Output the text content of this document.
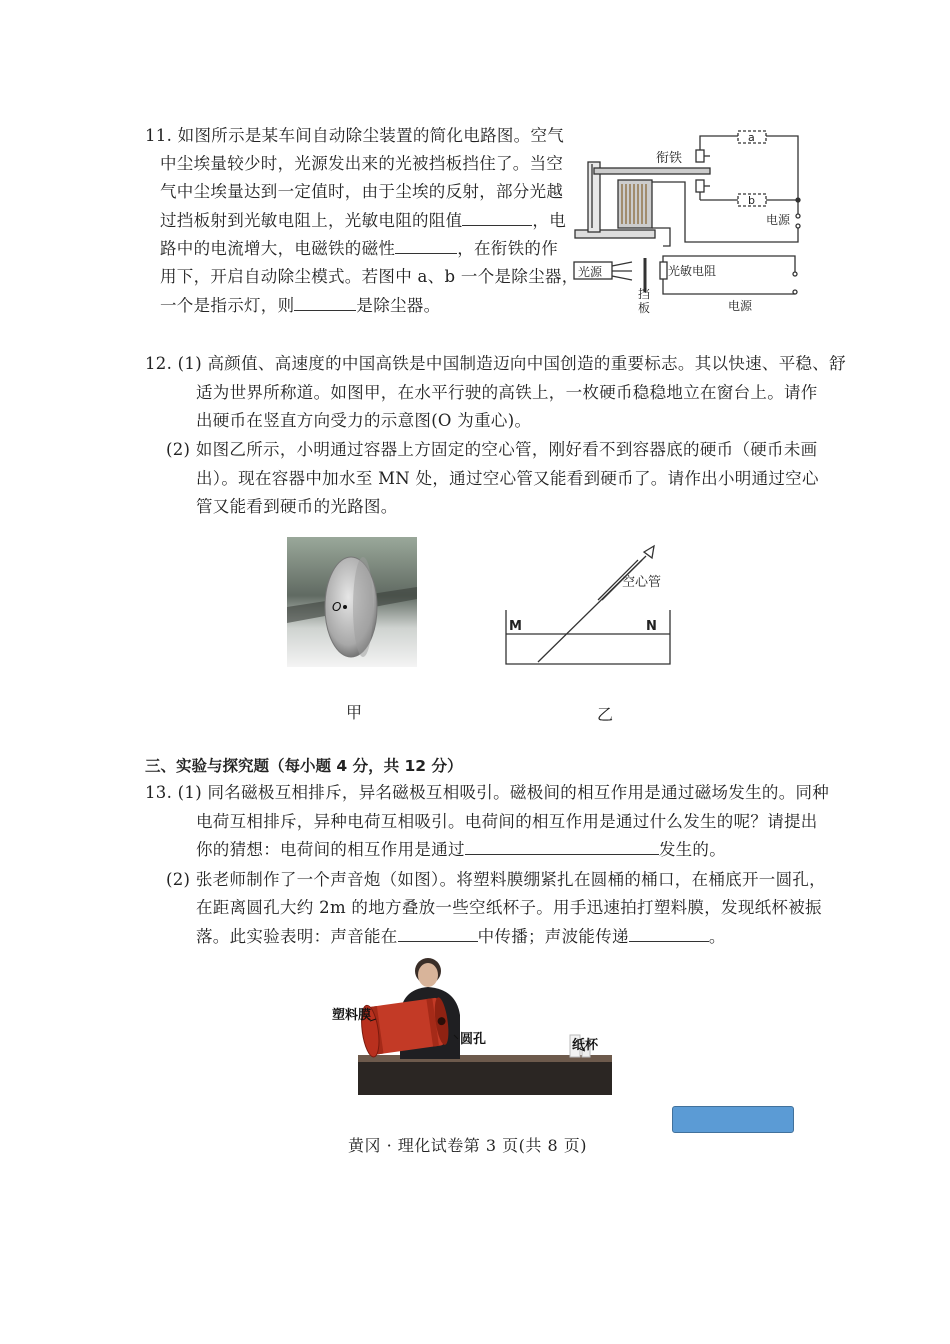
11. 如图所示是某车间自动除尘装置的简化电路图。空气
中尘埃量较少时，光源发出来的光被挡板挡住了。当空
气中尘埃量达到一定值时，由于尘埃的反射，部分光越
过挡板射到光敏电阻上，光敏电阻的阻值	，电
路中的电流增大，电磁铁的磁性	，在衔铁的作
用下，开启自动除尘模式。若图中 a、b 一个是除尘器，
一个是指示灯，则	是除尘器。
衔铁
a
b
电源
光源	光敏电阻
挡
板	电源
12. (1) 高颜值、高速度的中国高铁是中国制造迈向中国创造的重要标志。其以快速、平稳、舒
适为世界所称道。如图甲，在水平行驶的高铁上，一枚硬币稳稳地立在窗台上。请作
出硬币在竖直方向受力的示意图(O 为重心)。
(2) 如图乙所示，小明通过容器上方固定的空心管，刚好看不到容器底的硬币（硬币未画
出）。现在容器中加水至 MN 处，通过空心管又能看到硬币了。请作出小明通过空心
管又能看到硬币的光路图。
O
甲
空心管
M	N
乙
三、实验与探究题（每小题 4 分，共 12 分）
13. (1) 同名磁极互相排斥，异名磁极互相吸引。磁极间的相互作用是通过磁场发生的。同种
电荷互相排斥，异种电荷互相吸引。电荷间的相互作用是通过什么发生的呢？请提出
你的猜想：电荷间的相互作用是通过	发生的。
(2) 张老师制作了一个声音炮（如图）。将塑料膜绷紧扎在圆桶的桶口，在桶底开一圆孔，
在距离圆孔大约 2m 的地方叠放一些空纸杯子。用手迅速拍打塑料膜，发现纸杯被振
落。此实验表明：声音能在	中传播；声波能传递	。
塑料膜
圆孔	纸杯
黄冈 · 理化试卷第 3 页(共 8 页)
